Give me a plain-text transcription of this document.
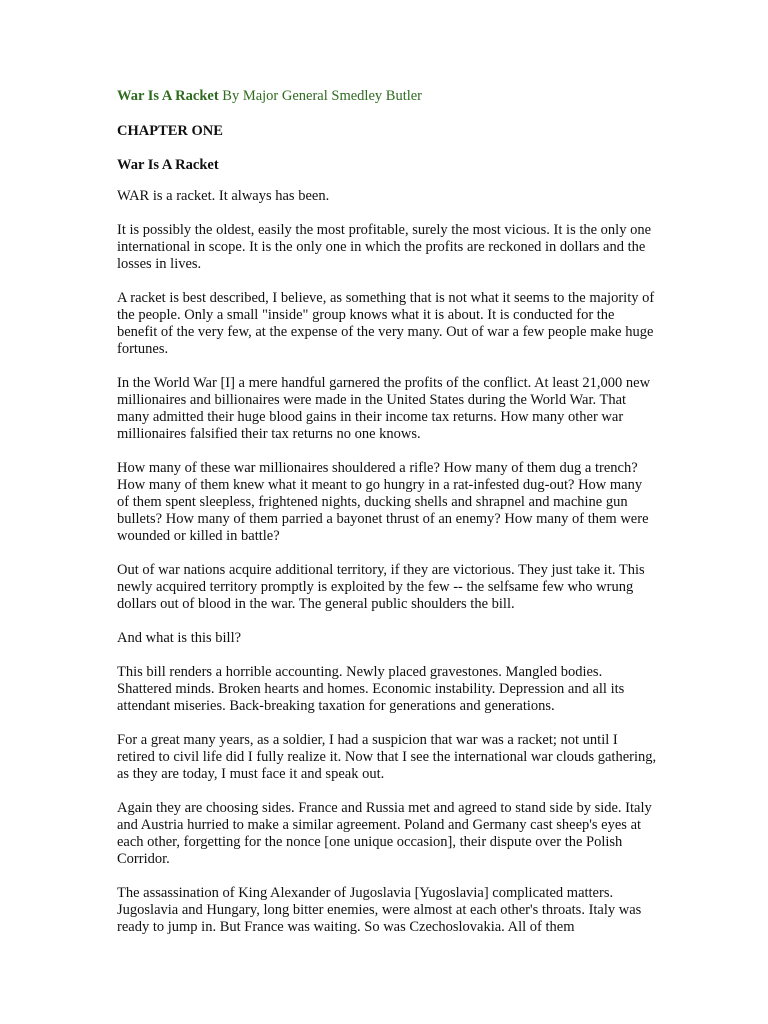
War Is A Racket By Major General Smedley Butler

CHAPTER ONE

War Is A Racket

WAR is a racket. It always has been.

It is possibly the oldest, easily the most profitable, surely the most vicious. It is the only one international in scope. It is the only one in which the profits are reckoned in dollars and the losses in lives.

A racket is best described, I believe, as something that is not what it seems to the majority of the people. Only a small "inside" group knows what it is about. It is conducted for the benefit of the very few, at the expense of the very many. Out of war a few people make huge fortunes.

In the World War [I] a mere handful garnered the profits of the conflict. At least 21,000 new millionaires and billionaires were made in the United States during the World War. That many admitted their huge blood gains in their income tax returns. How many other war millionaires falsified their tax returns no one knows.

How many of these war millionaires shouldered a rifle? How many of them dug a trench? How many of them knew what it meant to go hungry in a rat-infested dug-out? How many of them spent sleepless, frightened nights, ducking shells and shrapnel and machine gun bullets? How many of them parried a bayonet thrust of an enemy? How many of them were wounded or killed in battle?

Out of war nations acquire additional territory, if they are victorious. They just take it. This newly acquired territory promptly is exploited by the few -- the selfsame few who wrung dollars out of blood in the war. The general public shoulders the bill.

And what is this bill?

This bill renders a horrible accounting. Newly placed gravestones. Mangled bodies. Shattered minds. Broken hearts and homes. Economic instability. Depression and all its attendant miseries. Back-breaking taxation for generations and generations.

For a great many years, as a soldier, I had a suspicion that war was a racket; not until I retired to civil life did I fully realize it. Now that I see the international war clouds gathering, as they are today, I must face it and speak out.

Again they are choosing sides. France and Russia met and agreed to stand side by side. Italy and Austria hurried to make a similar agreement. Poland and Germany cast sheep's eyes at each other, forgetting for the nonce [one unique occasion], their dispute over the Polish Corridor.

The assassination of King Alexander of Jugoslavia [Yugoslavia] complicated matters. Jugoslavia and Hungary, long bitter enemies, were almost at each other's throats. Italy was ready to jump in. But France was waiting. So was Czechoslovakia. All of them
